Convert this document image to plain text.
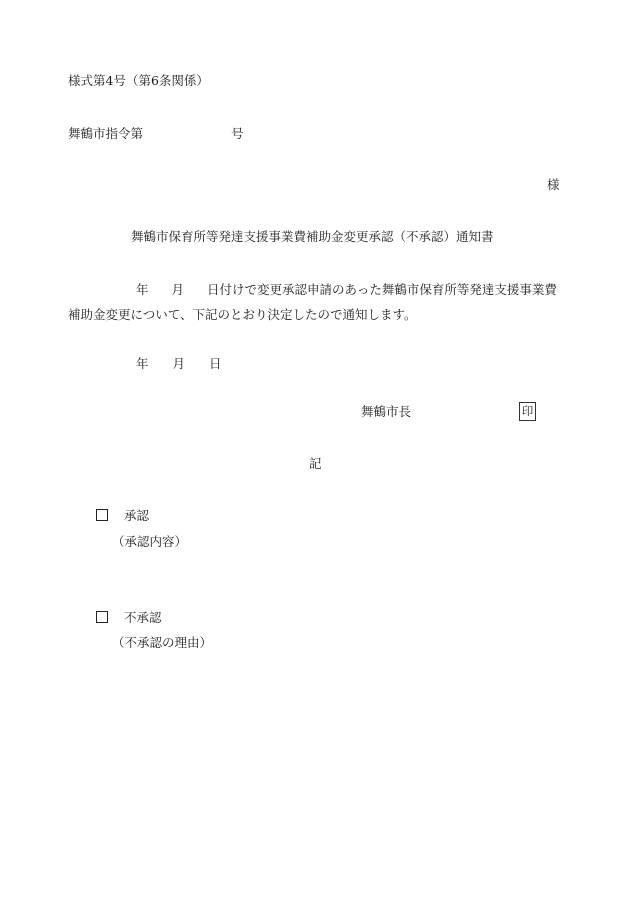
様式第4号（第6条関係）
舞鶴市指令第	号
様
舞鶴市保育所等発達支援事業費補助金変更承認（不承認）通知書
年 月 日付けで変更承認申請のあった舞鶴市保育所等発達支援事業費補助金変更について、下記のとおり決定したので通知します。
年 月 日
舞鶴市長	印
記
承認
（承認内容）
不承認
（不承認の理由）
